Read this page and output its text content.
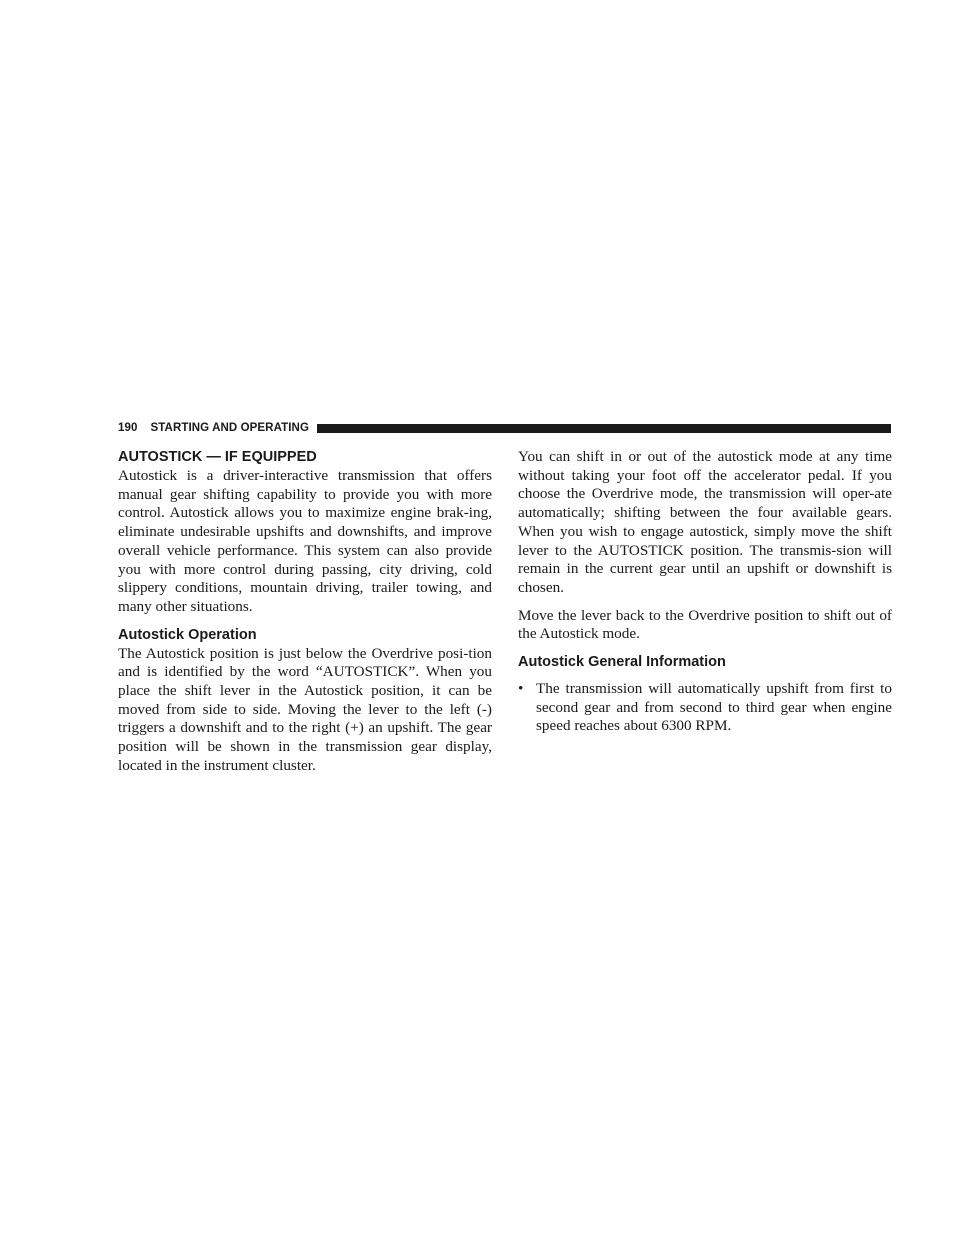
190 STARTING AND OPERATING
AUTOSTICK — IF EQUIPPED

Autostick is a driver-interactive transmission that offers manual gear shifting capability to provide you with more control. Autostick allows you to maximize engine brak-ing, eliminate undesirable upshifts and downshifts, and improve overall vehicle performance. This system can also provide you with more control during passing, city driving, cold slippery conditions, mountain driving, trailer towing, and many other situations.

Autostick Operation

The Autostick position is just below the Overdrive posi-tion and is identified by the word “AUTOSTICK”. When you place the shift lever in the Autostick position, it can be moved from side to side. Moving the lever to the left (-) triggers a downshift and to the right (+) an upshift. The gear position will be shown in the transmission gear display, located in the instrument cluster.

You can shift in or out of the autostick mode at any time without taking your foot off the accelerator pedal. If you choose the Overdrive mode, the transmission will oper-ate automatically; shifting between the four available gears. When you wish to engage autostick, simply move the shift lever to the AUTOSTICK position. The transmis-sion will remain in the current gear until an upshift or downshift is chosen.

Move the lever back to the Overdrive position to shift out of the Autostick mode.

Autostick General Information
• The transmission will automatically upshift from first to second gear and from second to third gear when engine speed reaches about 6300 RPM.
